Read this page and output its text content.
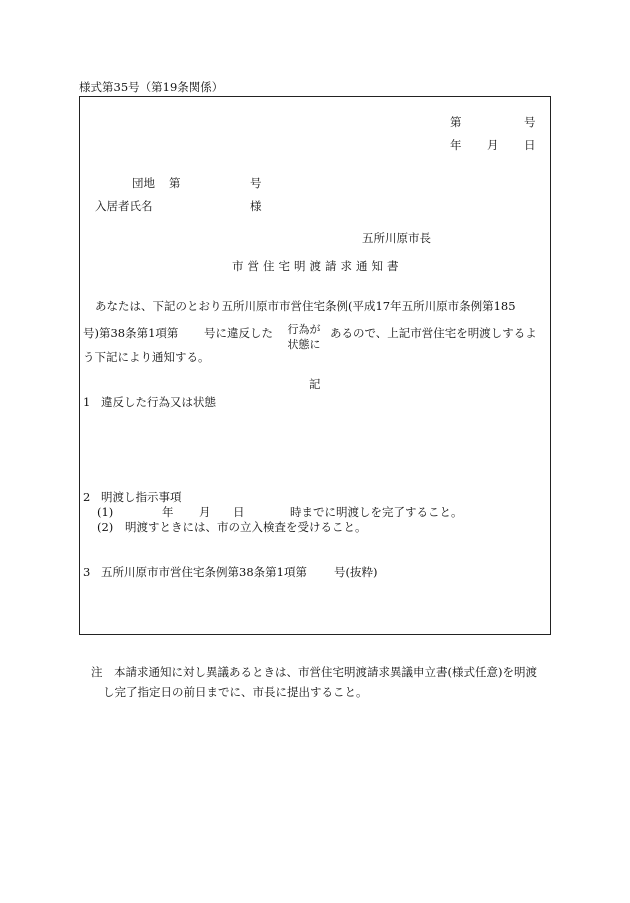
様式第35号（第19条関係）
第	号
年 月 日
団地 第	号
入居者氏名	様
五所川原市長
市営住宅明渡請求通知書
あなたは、下記のとおり五所川原市市営住宅条例(平成17年五所川原市条例第185
号)第38条第1項第 号に違反した 行為が
状態に
あるので、上記市営住宅を明渡しするよ
う下記により通知する。
記
1 違反した行為又は状態
2 明渡し指示事項
(1)	年 月 日	時までに明渡しを完了すること。
(2) 明渡すときには、市の立入検査を受けること。
3 五所川原市市営住宅条例第38条第1項第 号(抜粋)
注 本請求通知に対し異議あるときは、市営住宅明渡請求異議申立書(様式任意)を明渡
し完了指定日の前日までに、市長に提出すること。
